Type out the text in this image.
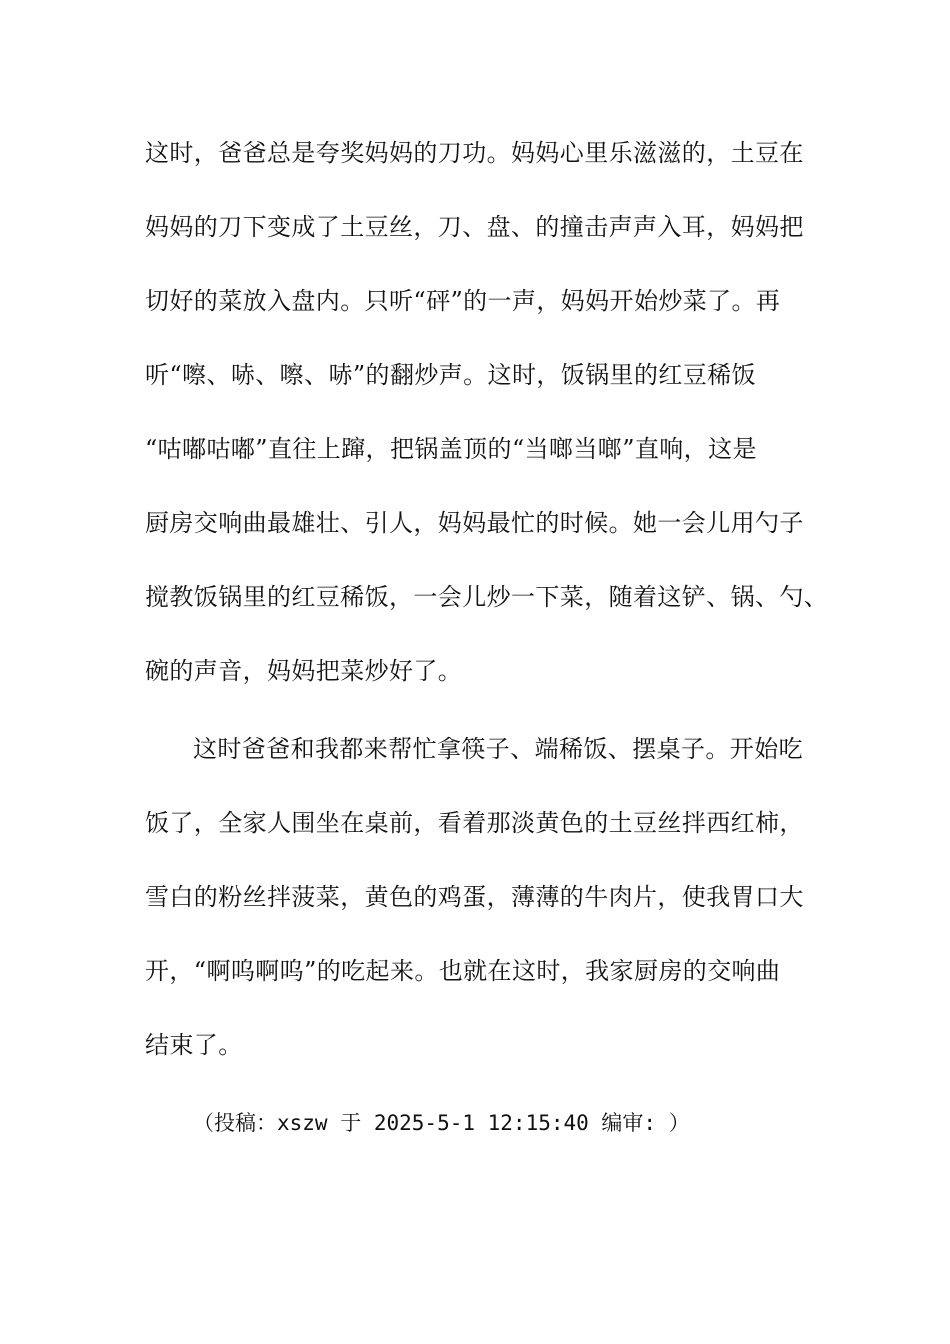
这时，爸爸总是夸奖妈妈的刀功。妈妈心里乐滋滋的，土豆在
妈妈的刀下变成了土豆丝，刀、盘、的撞击声声入耳，妈妈把
切好的菜放入盘内。只听“砰”的一声，妈妈开始炒菜了。再
听“嚓、哧、嚓、哧”的翻炒声。这时，饭锅里的红豆稀饭
“咕嘟咕嘟”直往上蹿，把锅盖顶的“当啷当啷”直响，这是
厨房交响曲最雄壮、引人，妈妈最忙的时候。她一会儿用勺子
搅教饭锅里的红豆稀饭，一会儿炒一下菜，随着这铲、锅、勺、
碗的声音，妈妈把菜炒好了。
这时爸爸和我都来帮忙拿筷子、端稀饭、摆桌子。开始吃
饭了，全家人围坐在桌前，看着那淡黄色的土豆丝拌西红柿，
雪白的粉丝拌菠菜，黄色的鸡蛋，薄薄的牛肉片，使我胃口大
开，“啊呜啊呜”的吃起来。也就在这时，我家厨房的交响曲
结束了。
（投稿：xszw 于 2025-5-1 12:15:40 编审: ）
